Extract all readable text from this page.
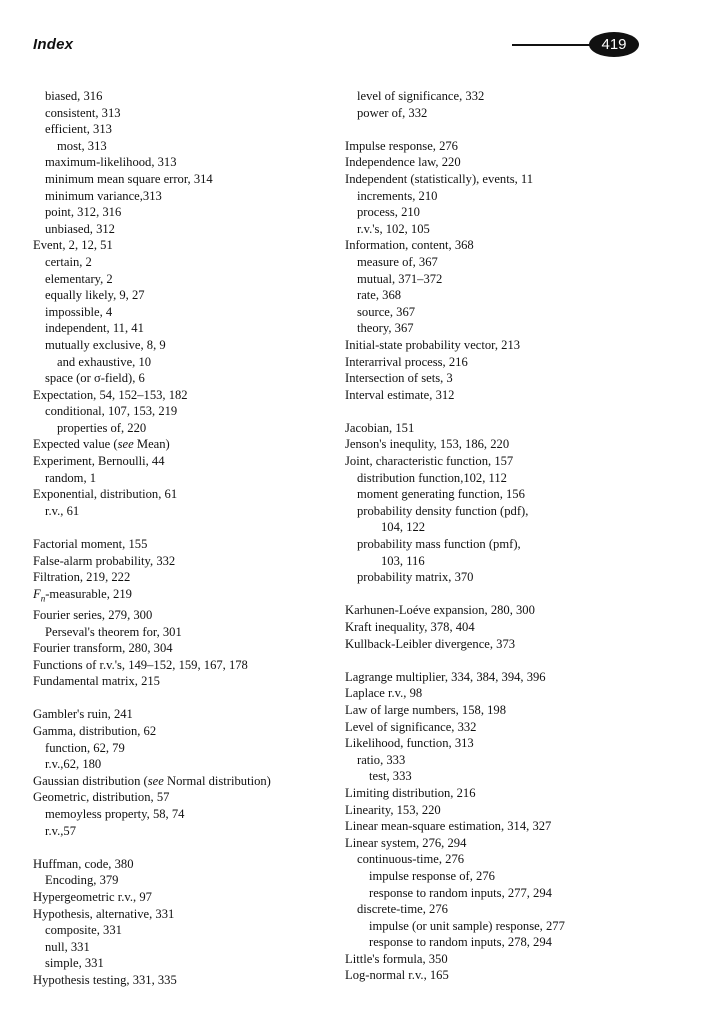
Index	419
biased, 316
consistent, 313
efficient, 313
most, 313
maximum-likelihood, 313
minimum mean square error, 314
minimum variance,313
point, 312, 316
unbiased, 312
Event, 2, 12, 51
certain, 2
elementary, 2
equally likely, 9, 27
impossible, 4
independent, 11, 41
mutually exclusive, 8, 9
and exhaustive, 10
space (or σ-field), 6
Expectation, 54, 152–153, 182
conditional, 107, 153, 219
properties of, 220
Expected value (see Mean)
Experiment, Bernoulli, 44
random, 1
Exponential, distribution, 61
r.v., 61
Factorial moment, 155
False-alarm probability, 332
Filtration, 219, 222
$F_n$-measurable, 219
Fourier series, 279, 300
Perseval's theorem for, 301
Fourier transform, 280, 304
Functions of r.v.'s, 149–152, 159, 167, 178
Fundamental matrix, 215
Gambler's ruin, 241
Gamma, distribution, 62
function, 62, 79
r.v.,62, 180
Gaussian distribution (see Normal distribution)
Geometric, distribution, 57
memoyless property, 58, 74
r.v.,57
Huffman, code, 380
Encoding, 379
Hypergeometric r.v., 97
Hypothesis, alternative, 331
composite, 331
null, 331
simple, 331
Hypothesis testing, 331, 335
level of significance, 332
power of, 332
Impulse response, 276
Independence law, 220
Independent (statistically), events, 11
increments, 210
process, 210
r.v.'s, 102, 105
Information, content, 368
measure of, 367
mutual, 371–372
rate, 368
source, 367
theory, 367
Initial-state probability vector, 213
Interarrival process, 216
Intersection of sets, 3
Interval estimate, 312
Jacobian, 151
Jenson's inequlity, 153, 186, 220
Joint, characteristic function, 157
distribution function,102, 112
moment generating function, 156
probability density function (pdf),
104, 122
probability mass function (pmf),
103, 116
probability matrix, 370
Karhunen-Loéve expansion, 280, 300
Kraft inequality, 378, 404
Kullback-Leibler divergence, 373
Lagrange multiplier, 334, 384, 394, 396
Laplace r.v., 98
Law of large numbers, 158, 198
Level of significance, 332
Likelihood, function, 313
ratio, 333
test, 333
Limiting distribution, 216
Linearity, 153, 220
Linear mean-square estimation, 314, 327
Linear system, 276, 294
continuous-time, 276
impulse response of, 276
response to random inputs, 277, 294
discrete-time, 276
impulse (or unit sample) response, 277
response to random inputs, 278, 294
Little's formula, 350
Log-normal r.v., 165
